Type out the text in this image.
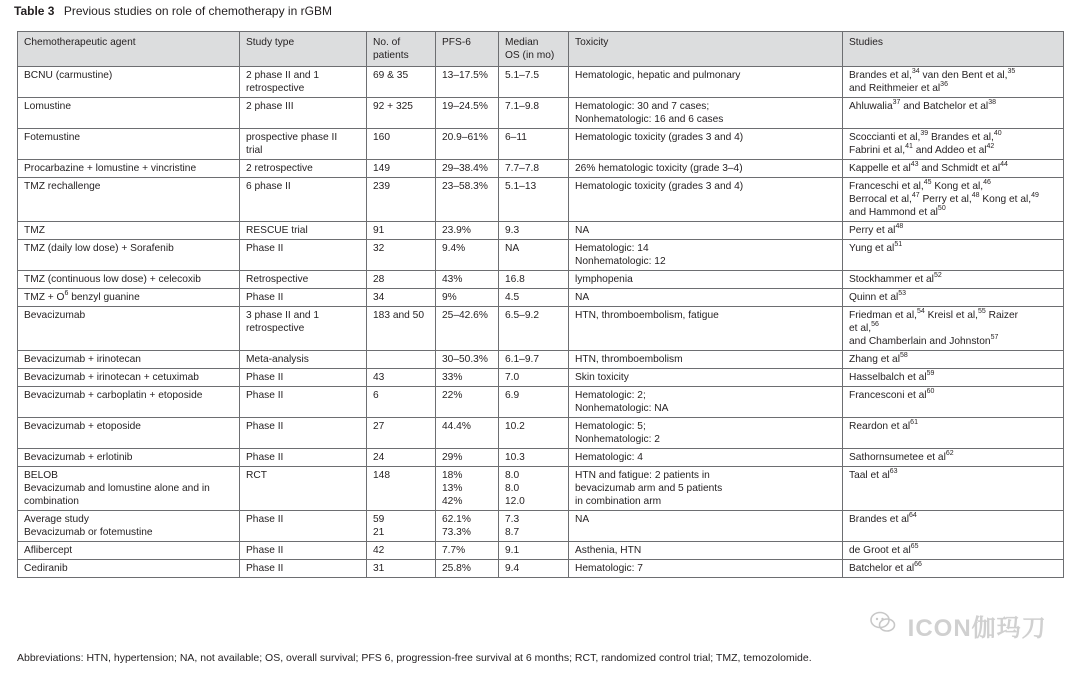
Table 3 Previous studies on role of chemotherapy in rGBM
Chemotherapeutic agent	Study type	No. of
patients	PFS-6	Median
OS (in mo)	Toxicity	Studies

BCNU (carmustine)	2 phase II and 1
retrospective	69 & 35	13–17.5%	5.1–7.5	Hematologic, hepatic and pulmonary	Brandes et al,$^{34}$ van den Bent et al,$^{35}$
and Reithmeier et $al^{36}$

Lomustine	2 phase III	92 + 325	19–24.5%	7.1–9.8	Hematologic: 30 and 7 cases;
Nonhematologic: 16 and 6 cases	Ahluwalia$^{37}$ and Batchelor et $al^{38}$

Fotemustine	prospective phase II
trial	160	20.9–61%	6–11	Hematologic toxicity (grades 3 and 4)	Scoccianti et al,$^{39}$ Brandes et al,$^{40}$
Fabrini et al,$^{41}$ and Addeo et $al^{42}$

Procarbazine + lomustine + vincristine	2 retrospective	149	29–38.4%	7.7–7.8	26% hematologic toxicity (grade 3–4)	Kappelle et $al^{43}$ and Schmidt et $al^{44}$

TMZ rechallenge	6 phase II	239	23–58.3%	5.1–13	Hematologic toxicity (grades 3 and 4)	Franceschi et al,$^{45}$ Kong et al,$^{46}$
Berrocal et al,$^{47}$ Perry et al,$^{48}$ Kong et al,$^{49}$
and Hammond et $al^{50}$

TMZ	RESCUE trial	91	23.9%	9.3	NA	Perry et $al^{48}$

TMZ (daily low dose) + Sorafenib	Phase II	32	9.4%	NA	Hematologic: 14
Nonhematologic: 12	Yung et $al^{51}$

TMZ (continuous low dose) + celecoxib	Retrospective	28	43%	16.8	lymphopenia	Stockhammer et $al^{52}$

TMZ + $O^6$ benzyl guanine	Phase II	34	9%	4.5	NA	Quinn et $al^{53}$

Bevacizumab	3 phase II and 1
retrospective	183 and 50	25–42.6%	6.5–9.2	HTN, thromboembolism, fatigue	Friedman et al,$^{54}$ Kreisl et al,$^{55}$ Raizer
et al,$^{56}$
and Chamberlain and Johnston$^{57}$

Bevacizumab + irinotecan	Meta-analysis		30–50.3%	6.1–9.7	HTN, thromboembolism	Zhang et $al^{58}$

Bevacizumab + irinotecan + cetuximab	Phase II	43	33%	7.0	Skin toxicity	Hasselbalch et $al^{59}$

Bevacizumab + carboplatin + etoposide	Phase II	6	22%	6.9	Hematologic: 2;
Nonhematologic: NA	Francesconi et $al^{60}$

Bevacizumab + etoposide	Phase II	27	44.4%	10.2	Hematologic: 5;
Nonhematologic: 2	Reardon et $al^{61}$

Bevacizumab + erlotinib	Phase II	24	29%	10.3	Hematologic: 4	Sathornsumetee et $al^{62}$

BELOB
Bevacizumab and lomustine alone and in
combination	RCT	148	18%
13%
42%	8.0
8.0
12.0	HTN and fatigue: 2 patients in
bevacizumab arm and 5 patients
in combination arm	Taal et $al^{63}$

Average study
Bevacizumab or fotemustine	Phase II	59
21	62.1%
73.3%	7.3
8.7	NA	Brandes et $al^{64}$

Aflibercept	Phase II	42	7.7%	9.1	Asthenia, HTN	de Groot et $al^{65}$

Cediranib	Phase II	31	25.8%	9.4	Hematologic: 7	Batchelor et $al^{66}$
Abbreviations: HTN, hypertension; NA, not available; OS, overall survival; PFS 6, progression-free survival at 6 months; RCT, randomized control trial; TMZ, temozolomide.
ICON伽玛刀
